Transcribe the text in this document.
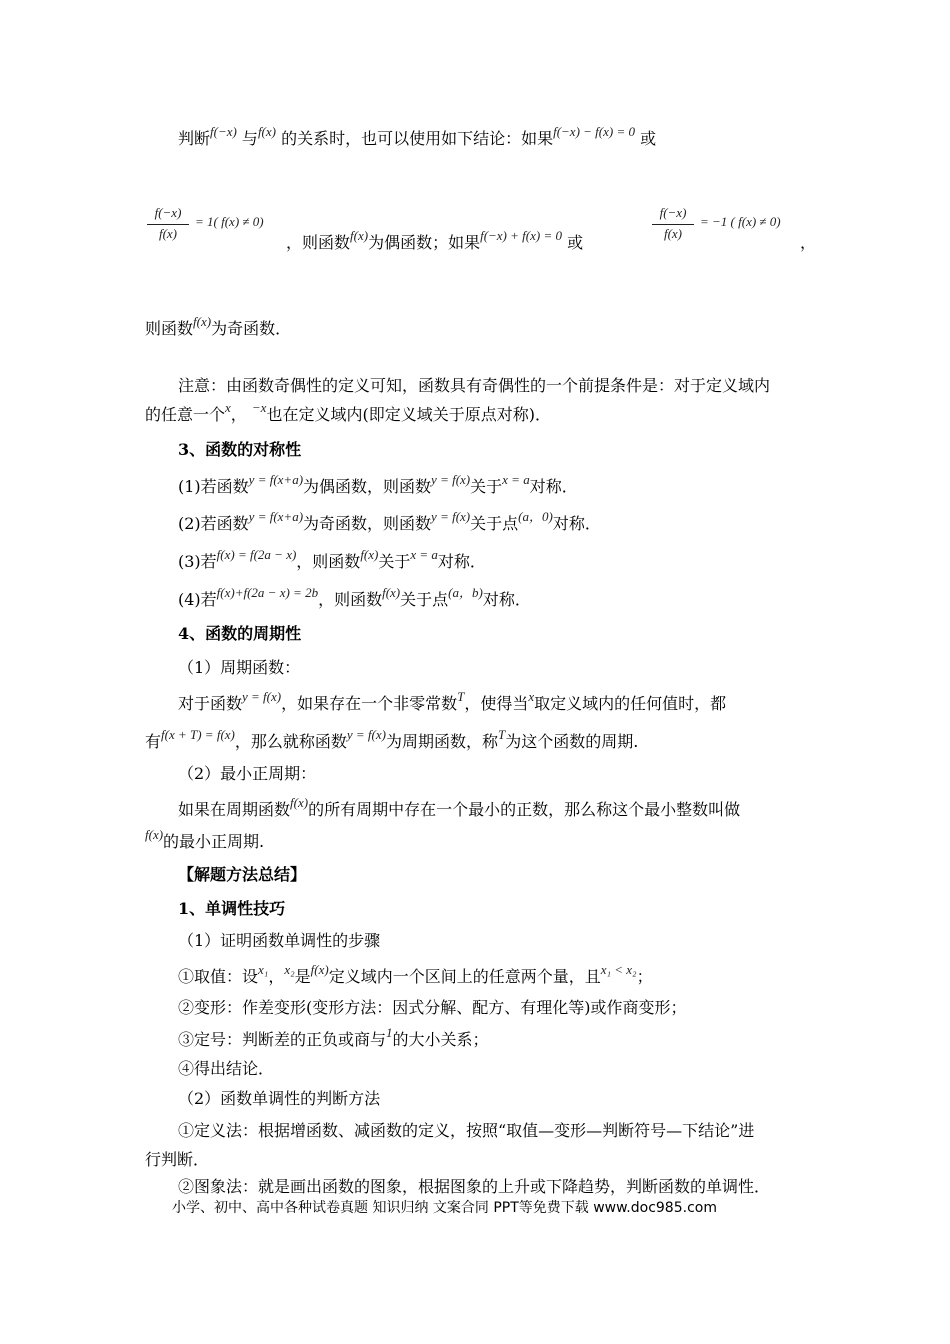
判断$^{f(-x)}$ 与$^{f(x)}$ 的关系时，也可以使用如下结论：如果$^{f(-x) - f(x) = 0}$ 或
f(−x)
f(x)
= 1( f(x) ≠ 0)
，则函数$^{f(x)}$为偶函数；如果$^{f(-x) + f(x) = 0}$ 或
f(−x)
f(x)
= −1 ( f(x) ≠ 0)
，
则函数$^{f(x)}$为奇函数．
注意：由函数奇偶性的定义可知，函数具有奇偶性的一个前提条件是：对于定义域内
的任意一个$^x$， $^{-x}$也在定义域内(即定义域关于原点对称)．
3、函数的对称性
(1)若函数$^{y = f(x+a)}$为偶函数，则函数$^{y = f(x)}$关于$^{x = a}$对称．
(2)若函数$^{y = f(x+a)}$为奇函数，则函数$^{y = f(x)}$关于点$^{(a,0)}$对称．
(3)若$^{f(x) = f(2a - x)}$，则函数$^{f(x)}$关于$^{x = a}$对称．
(4)若$^{f(x)+f(2a - x) = 2b}$，则函数$^{f(x)}$关于点$^{(a,b)}$对称．
4、函数的周期性
（1）周期函数：
对于函数$^{y = f(x)}$，如果存在一个非零常数$^T$，使得当$^x$取定义域内的任何值时，都
有$^{f(x + T) = f(x)}$，那么就称函数$^{y = f(x)}$为周期函数，称$^T$为这个函数的周期.
（2）最小正周期：
如果在周期函数$^{f(x)}$的所有周期中存在一个最小的正数，那么称这个最小整数叫做
$^{f(x)}$的最小正周期.
【解题方法总结】
1、单调性技巧
（1）证明函数单调性的步骤
①取值：设$^{x_1}$，$^{x_2}$是$^{f(x)}$定义域内一个区间上的任意两个量，且$^{x_1 < x_2}$；
②变形：作差变形(变形方法：因式分解、配方、有理化等)或作商变形；
③定号：判断差的正负或商与$^1$的大小关系；
④得出结论．
（2）函数单调性的判断方法
①定义法：根据增函数、减函数的定义，按照“取值—变形—判断符号—下结论”进
行判断．
②图象法：就是画出函数的图象，根据图象的上升或下降趋势，判断函数的单调性．
小学、初中、高中各种试卷真题 知识归纳 文案合同 PPT等免费下载 www.doc985.com
